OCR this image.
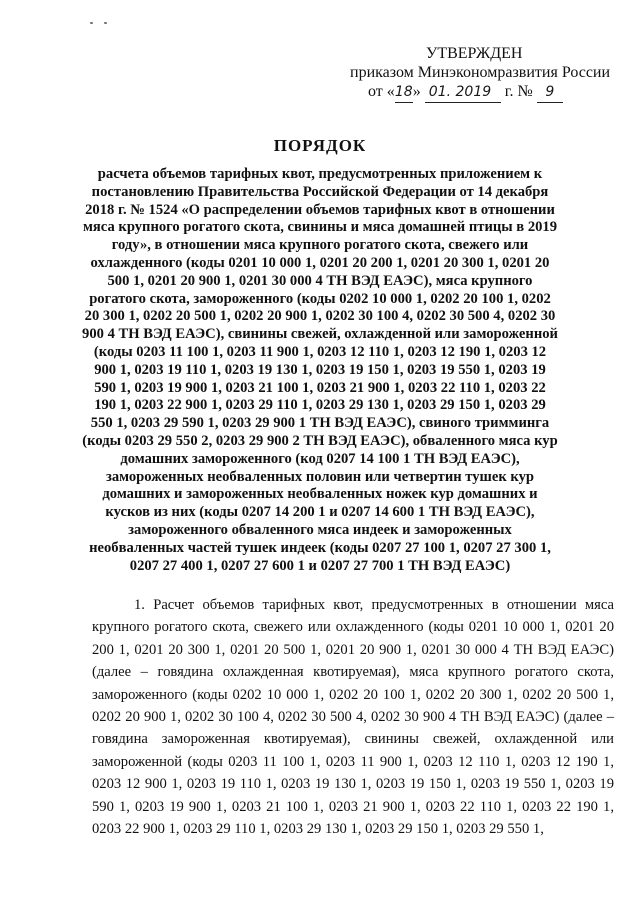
УТВЕРЖДЕН
приказом Минэкономразвития России
от «18» 01. 2019 г. № 9
ПОРЯДОК
расчета объемов тарифных квот, предусмотренных приложением к постановлению Правительства Российской Федерации от 14 декабря 2018 г. № 1524 «О распределении объемов тарифных квот в отношении мяса крупного рогатого скота, свинины и мяса домашней птицы в 2019 году», в отношении мяса крупного рогатого скота, свежего или охлажденного (коды 0201 10 000 1, 0201 20 200 1, 0201 20 300 1, 0201 20 500 1, 0201 20 900 1, 0201 30 000 4 ТН ВЭД ЕАЭС), мяса крупного рогатого скота, замороженного (коды 0202 10 000 1, 0202 20 100 1, 0202 20 300 1, 0202 20 500 1, 0202 20 900 1, 0202 30 100 4, 0202 30 500 4, 0202 30 900 4 ТН ВЭД ЕАЭС), свинины свежей, охлажденной или замороженной (коды 0203 11 100 1, 0203 11 900 1, 0203 12 110 1, 0203 12 190 1, 0203 12 900 1, 0203 19 110 1, 0203 19 130 1, 0203 19 150 1, 0203 19 550 1, 0203 19 590 1, 0203 19 900 1, 0203 21 100 1, 0203 21 900 1, 0203 22 110 1, 0203 22 190 1, 0203 22 900 1, 0203 29 110 1, 0203 29 130 1, 0203 29 150 1, 0203 29 550 1, 0203 29 590 1, 0203 29 900 1 ТН ВЭД ЕАЭС), свиного тримминга (коды 0203 29 550 2, 0203 29 900 2 ТН ВЭД ЕАЭС), обваленного мяса кур домашних замороженного (код 0207 14 100 1 ТН ВЭД ЕАЭС), замороженных необваленных половин или четвертин тушек кур домашних и замороженных необваленных ножек кур домашних и кусков из них (коды 0207 14 200 1 и 0207 14 600 1 ТН ВЭД ЕАЭС), замороженного обваленного мяса индеек и замороженных необваленных частей тушек индеек (коды 0207 27 100 1, 0207 27 300 1, 0207 27 400 1, 0207 27 600 1 и 0207 27 700 1 ТН ВЭД ЕАЭС)
1. Расчет объемов тарифных квот, предусмотренных в отношении мяса крупного рогатого скота, свежего или охлажденного (коды 0201 10 000 1, 0201 20 200 1, 0201 20 300 1, 0201 20 500 1, 0201 20 900 1, 0201 30 000 4 ТН ВЭД ЕАЭС) (далее – говядина охлажденная квотируемая), мяса крупного рогатого скота, замороженного (коды 0202 10 000 1, 0202 20 100 1, 0202 20 300 1, 0202 20 500 1, 0202 20 900 1, 0202 30 100 4, 0202 30 500 4, 0202 30 900 4 ТН ВЭД ЕАЭС) (далее – говядина замороженная квотируемая), свинины свежей, охлажденной или замороженной (коды 0203 11 100 1, 0203 11 900 1, 0203 12 110 1, 0203 12 190 1, 0203 12 900 1, 0203 19 110 1, 0203 19 130 1, 0203 19 150 1, 0203 19 550 1, 0203 19 590 1, 0203 19 900 1, 0203 21 100 1, 0203 21 900 1, 0203 22 110 1, 0203 22 190 1, 0203 22 900 1, 0203 29 110 1, 0203 29 130 1, 0203 29 150 1, 0203 29 550 1,
